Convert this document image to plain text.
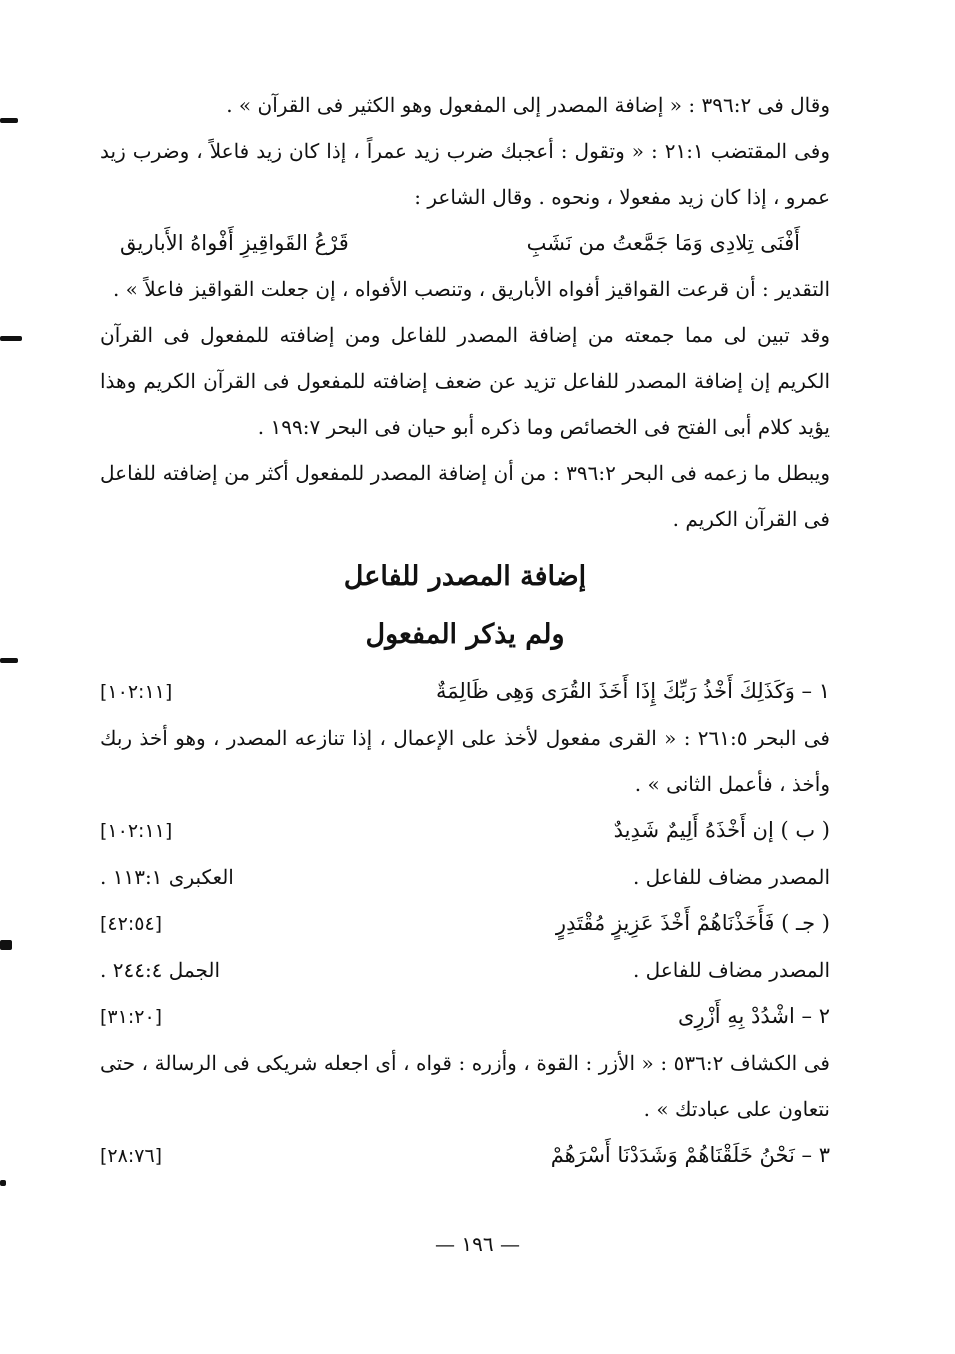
وقال فى ٣٩٦:٢ : « إضافة المصدر إلى المفعول وهو الكثير فى القرآن » .

وفى المقتضب ٢١:١ : « وتقول : أعجبك ضرب زيد عمراً ، إذا كان زيد فاعلاً ، وضرب زيد عمرو ، إذا كان زيد مفعولا ، ونحوه . وقال الشاعر :

أَفْنَى تِلادِى وَمَا جَمَّعتُ من نَشَبِ
قَرْعُ القَواقِيزِ أَفْواهُ الأَباريق

التقدير : أن قرعت القواقيز أفواه الأباريق ، وتنصب الأفواه ، إن جعلت القواقيز فاعلاً » .

وقد تبين لى مما جمعته من إضافة المصدر للفاعل ومن إضافته للمفعول فى القرآن الكريم إن إضافة المصدر للفاعل تزيد عن ضعف إضافته للمفعول فى القرآن الكريم وهذا يؤيد كلام أبى الفتح فى الخصائص وما ذكره أبو حيان فى البحر ١٩٩:٧ .

ويبطل ما زعمه فى البحر ٣٩٦:٢ : من أن إضافة المصدر للمفعول أكثر من إضافته للفاعل فى القرآن الكريم .

إضافة المصدر للفاعل
ولم يذكر المفعول
١ – وَكَذَلِكَ أَخْذُ رَبِّكَ إِذَا أَخَذَ القُرَى وَهِى ظَالِمَةٌ
[١٠٢:١١]

فى البحر ٢٦١:٥ : « القرى مفعول لأخذ على الإعمال ، إذا تنازعه المصدر ، وهو أخذ ربك وأخذ ، فأعمل الثانى » .

( ب ) إن أَخْذَهُ أَلِيمٌ شَدِيدٌ
[١٠٢:١١]
المصدر مضاف للفاعل .
العكبرى ١١٣:١ .
( جـ ) فَأَخَذْنَاهُمْ أَخْذَ عَزِيزٍ مُقْتَدِرٍ
[٤٢:٥٤]
المصدر مضاف للفاعل .
الجمل ٢٤٤:٤ .
٢ – اشْدُدْ بِهِ أَزْرِى
[٣١:٢٠]

فى الكشاف ٥٣٦:٢ : « الأزر : القوة ، وأزره : قواه ، أى اجعله شريكى فى الرسالة ، حتى نتعاون على عبادتك » .

٣ – نَحْنُ خَلَقْنَاهُمْ وَشَدَدْنَا أَسْرَهُمْ
[٢٨:٧٦]
— ١٩٦ —
